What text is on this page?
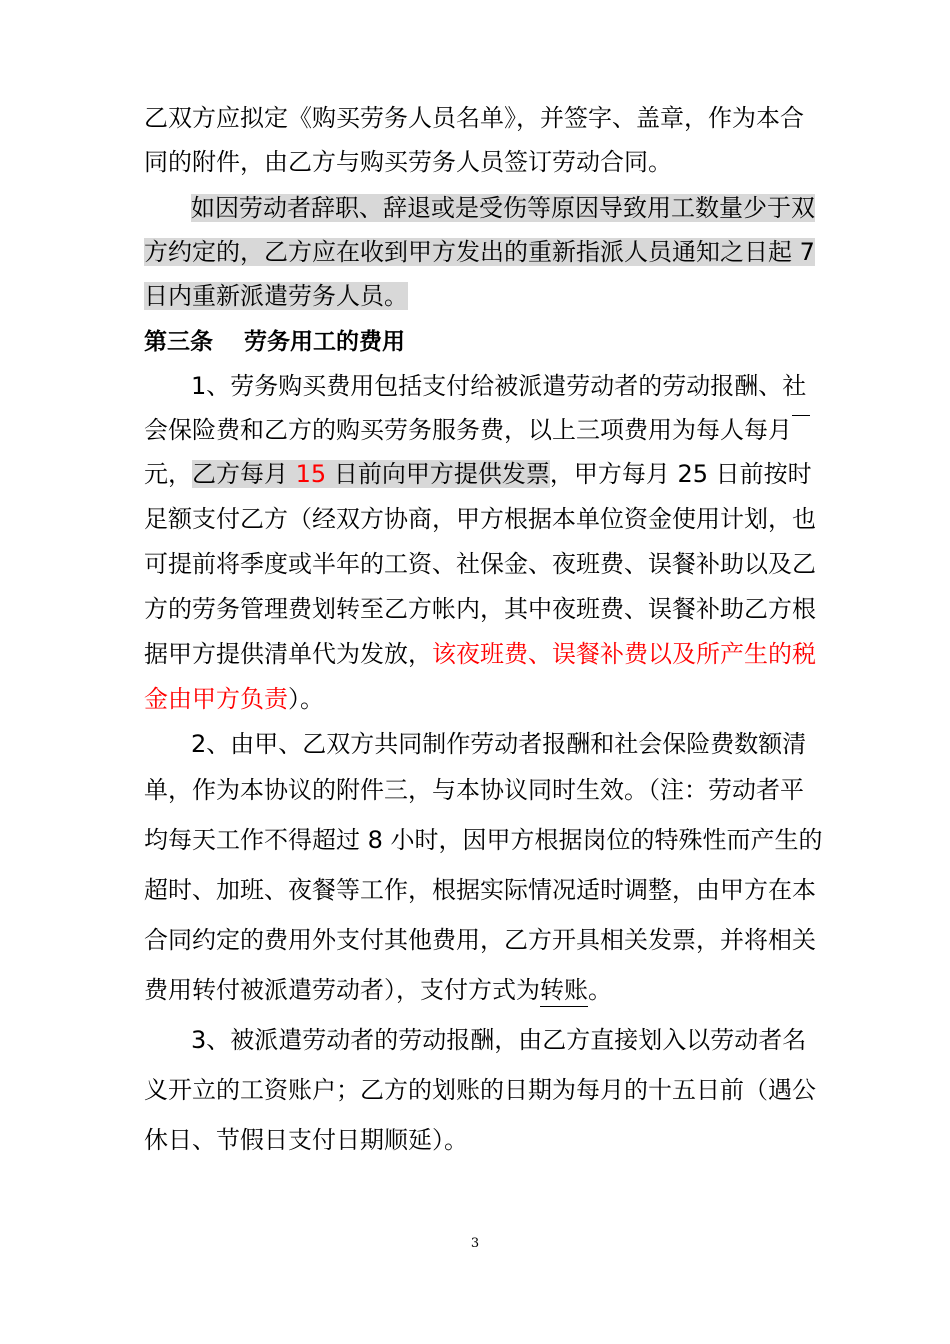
乙双方应拟定《购买劳务人员名单》，并签字、盖章，作为本合
同的附件，由乙方与购买劳务人员签订劳动合同。
如因劳动者辞职、辞退或是受伤等原因导致用工数量少于双
方约定的，乙方应在收到甲方发出的重新指派人员通知之日起 7
日内重新派遣劳务人员。
第三条　 劳务用工的费用
1、劳务购买费用包括支付给被派遣劳动者的劳动报酬、社
会保险费和乙方的购买劳务服务费，以上三项费用为每人每月
元，乙方每月 15 日前向甲方提供发票，甲方每月 25 日前按时
足额支付乙方（经双方协商，甲方根据本单位资金使用计划，也
可提前将季度或半年的工资、社保金、夜班费、误餐补助以及乙
方的劳务管理费划转至乙方帐内，其中夜班费、误餐补助乙方根
据甲方提供清单代为发放，该夜班费、误餐补费以及所产生的税
金由甲方负责）。
2、由甲、乙双方共同制作劳动者报酬和社会保险费数额清
单，作为本协议的附件三，与本协议同时生效。（注：劳动者平
均每天工作不得超过 8 小时，因甲方根据岗位的特殊性而产生的
超时、加班、夜餐等工作，根据实际情况适时调整，由甲方在本
合同约定的费用外支付其他费用，乙方开具相关发票，并将相关
费用转付被派遣劳动者），支付方式为转账。
3、被派遣劳动者的劳动报酬，由乙方直接划入以劳动者名
义开立的工资账户；乙方的划账的日期为每月的十五日前（遇公
休日、节假日支付日期顺延）。
3
